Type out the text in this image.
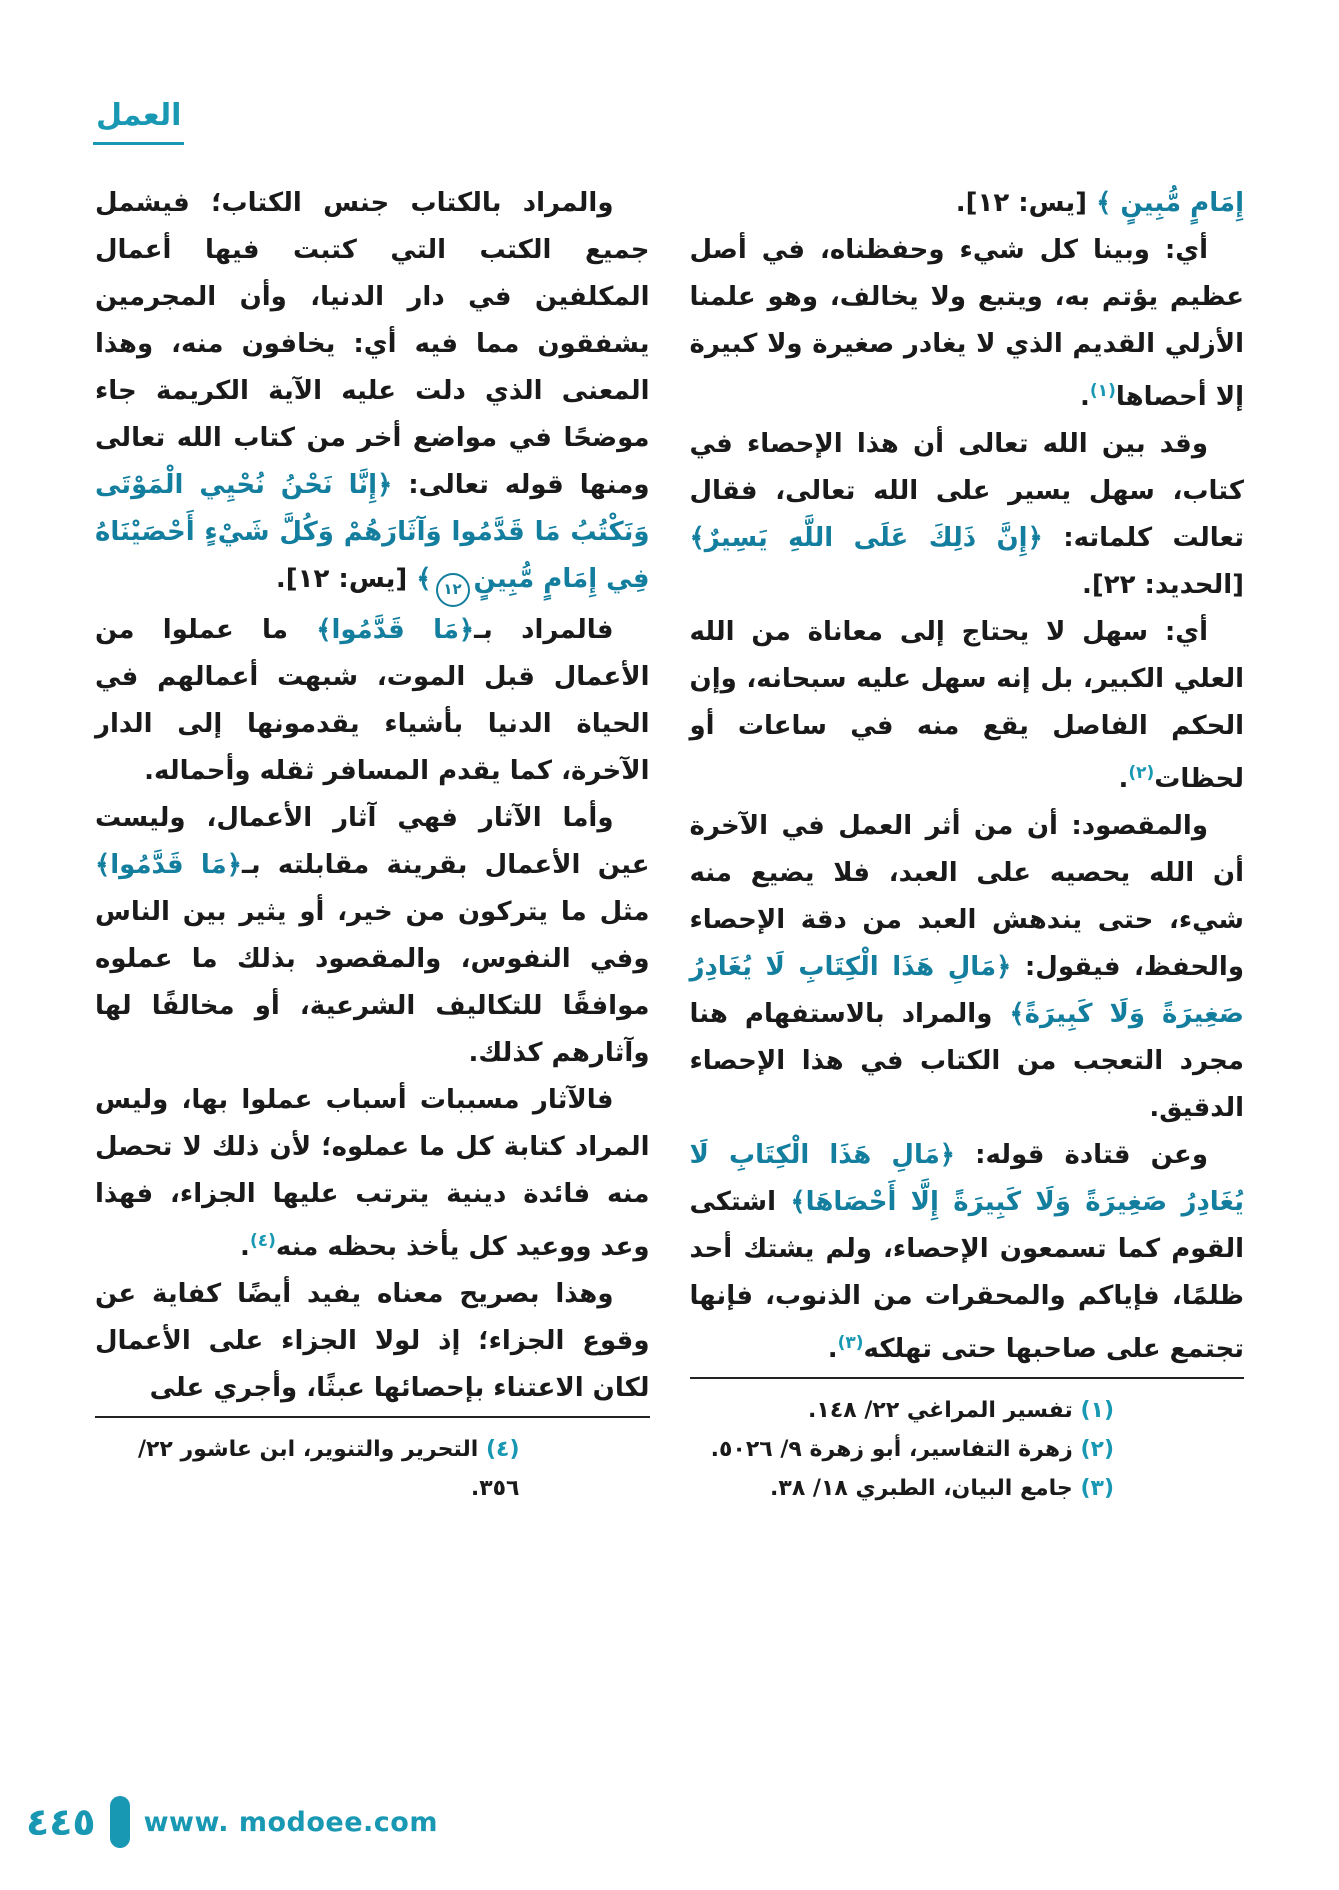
العمل

إِمَامٍ مُّبِينٍ ﴾ [يس: ١٢].

أي: وبينا كل شيء وحفظناه، في أصل عظيم يؤتم به، ويتبع ولا يخالف، وهو علمنا الأزلي القديم الذي لا يغادر صغيرة ولا كبيرة إلا أحصاها$^{(١)}$.

وقد بين الله تعالى أن هذا الإحصاء في كتاب، سهل يسير على الله تعالى، فقال تعالت كلماته: ﴿إِنَّ ذَلِكَ عَلَى اللَّهِ يَسِيرٌ﴾ [الحديد: ٢٢].

أي: سهل لا يحتاج إلى معاناة من الله العلي الكبير، بل إنه سهل عليه سبحانه، وإن الحكم الفاصل يقع منه في ساعات أو لحظات$^{(٢)}$.

والمقصود: أن من أثر العمل في الآخرة أن الله يحصيه على العبد، فلا يضيع منه شيء، حتى يندهش العبد من دقة الإحصاء والحفظ، فيقول: ﴿مَالِ هَذَا الْكِتَابِ لَا يُغَادِرُ صَغِيرَةً وَلَا كَبِيرَةً﴾ والمراد بالاستفهام هنا مجرد التعجب من الكتاب في هذا الإحصاء الدقيق.

وعن قتادة قوله: ﴿مَالِ هَذَا الْكِتَابِ لَا يُغَادِرُ صَغِيرَةً وَلَا كَبِيرَةً إِلَّا أَحْصَاهَا﴾ اشتكى القوم كما تسمعون الإحصاء، ولم يشتك أحد ظلمًا، فإياكم والمحقرات من الذنوب، فإنها تجتمع على صاحبها حتى تهلكه$^{(٣)}$.

(١) تفسير المراغي ٢٢/ ١٤٨.
(٢) زهرة التفاسير، أبو زهرة ٩/ ٥٠٢٦.
(٣) جامع البيان، الطبري ١٨/ ٣٨.

والمراد بالكتاب جنس الكتاب؛ فيشمل جميع الكتب التي كتبت فيها أعمال المكلفين في دار الدنيا، وأن المجرمين يشفقون مما فيه أي: يخافون منه، وهذا المعنى الذي دلت عليه الآية الكريمة جاء موضحًا في مواضع أخر من كتاب الله تعالى ومنها قوله تعالى: ﴿إِنَّا نَحْنُ نُحْيِي الْمَوْتَى وَنَكْتُبُ مَا قَدَّمُوا وَآثَارَهُمْ وَكُلَّ شَيْءٍ أَحْصَيْنَاهُ فِي إِمَامٍ مُّبِينٍ١٢﴾ [يس: ١٢].

فالمراد بـ﴿مَا قَدَّمُوا﴾ ما عملوا من الأعمال قبل الموت، شبهت أعمالهم في الحياة الدنيا بأشياء يقدمونها إلى الدار الآخرة، كما يقدم المسافر ثقله وأحماله.

وأما الآثار فهي آثار الأعمال، وليست عين الأعمال بقرينة مقابلته بـ﴿مَا قَدَّمُوا﴾ مثل ما يتركون من خير، أو يثير بين الناس وفي النفوس، والمقصود بذلك ما عملوه موافقًا للتكاليف الشرعية، أو مخالفًا لها وآثارهم كذلك.

فالآثار مسببات أسباب عملوا بها، وليس المراد كتابة كل ما عملوه؛ لأن ذلك لا تحصل منه فائدة دينية يترتب عليها الجزاء، فهذا وعد ووعيد كل يأخذ بحظه منه$^{(٤)}$.

وهذا بصريح معناه يفيد أيضًا كفاية عن وقوع الجزاء؛ إذ لولا الجزاء على الأعمال لكان الاعتناء بإحصائها عبثًا، وأجري على

(٤) التحرير والتنوير، ابن عاشور ٢٢/ ٣٥٦.
٤٤٥ www. modoee.com
